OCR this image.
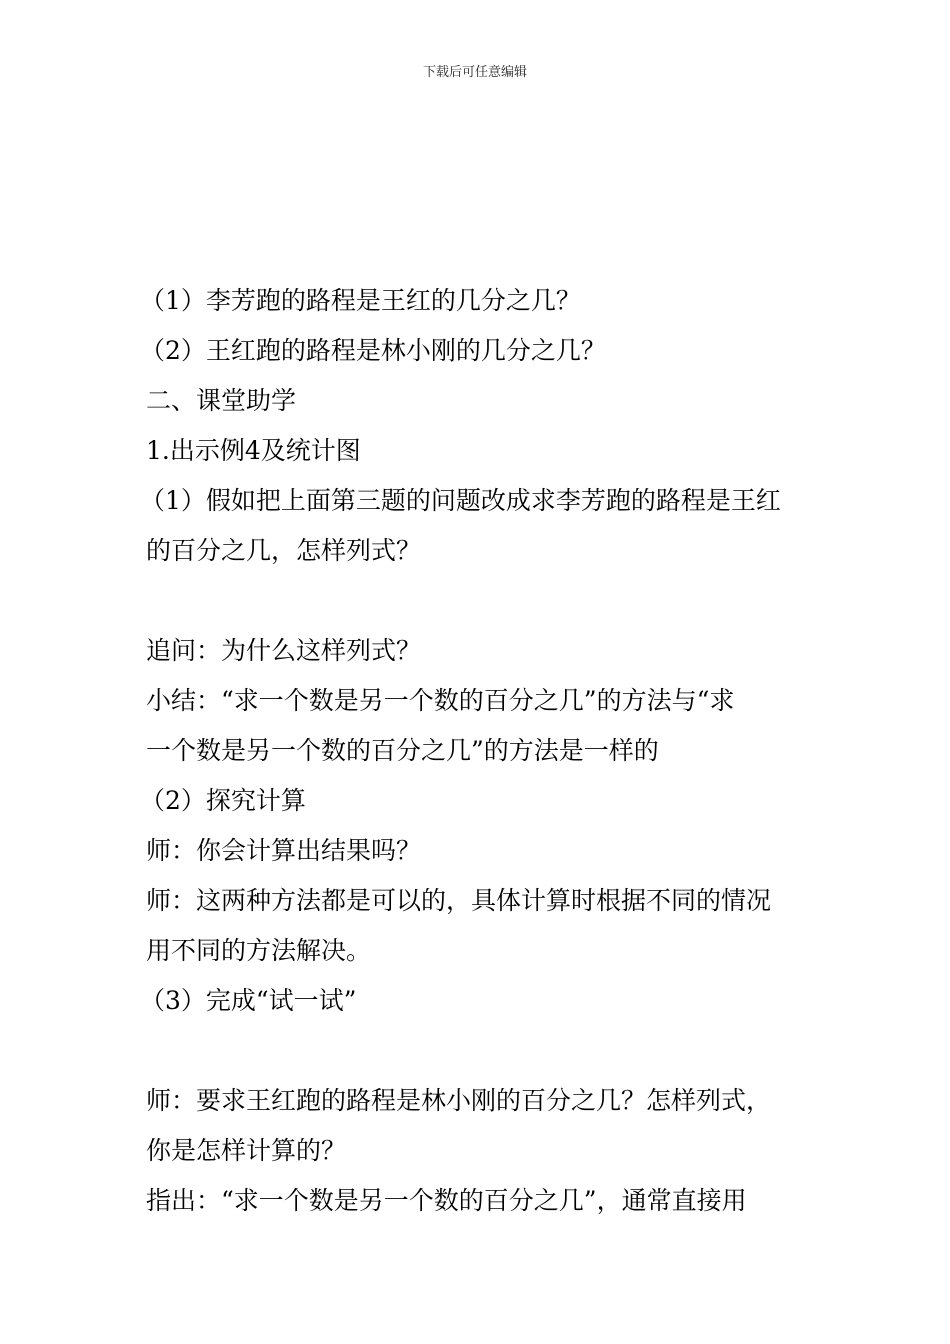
下载后可任意编辑
（1）李芳跑的路程是王红的几分之几？
（2）王红跑的路程是林小刚的几分之几？
二、课堂助学
1.出示例4及统计图
（1）假如把上面第三题的问题改成求李芳跑的路程是王红
的百分之几，怎样列式？
追问：为什么这样列式？
小结：“求一个数是另一个数的百分之几”的方法与“求
一个数是另一个数的百分之几”的方法是一样的
（2）探究计算
师：你会计算出结果吗？
师：这两种方法都是可以的，具体计算时根据不同的情况
用不同的方法解决。
（3）完成“试一试”
师：要求王红跑的路程是林小刚的百分之几？怎样列式，
你是怎样计算的？
指出：“求一个数是另一个数的百分之几”，通常直接用
